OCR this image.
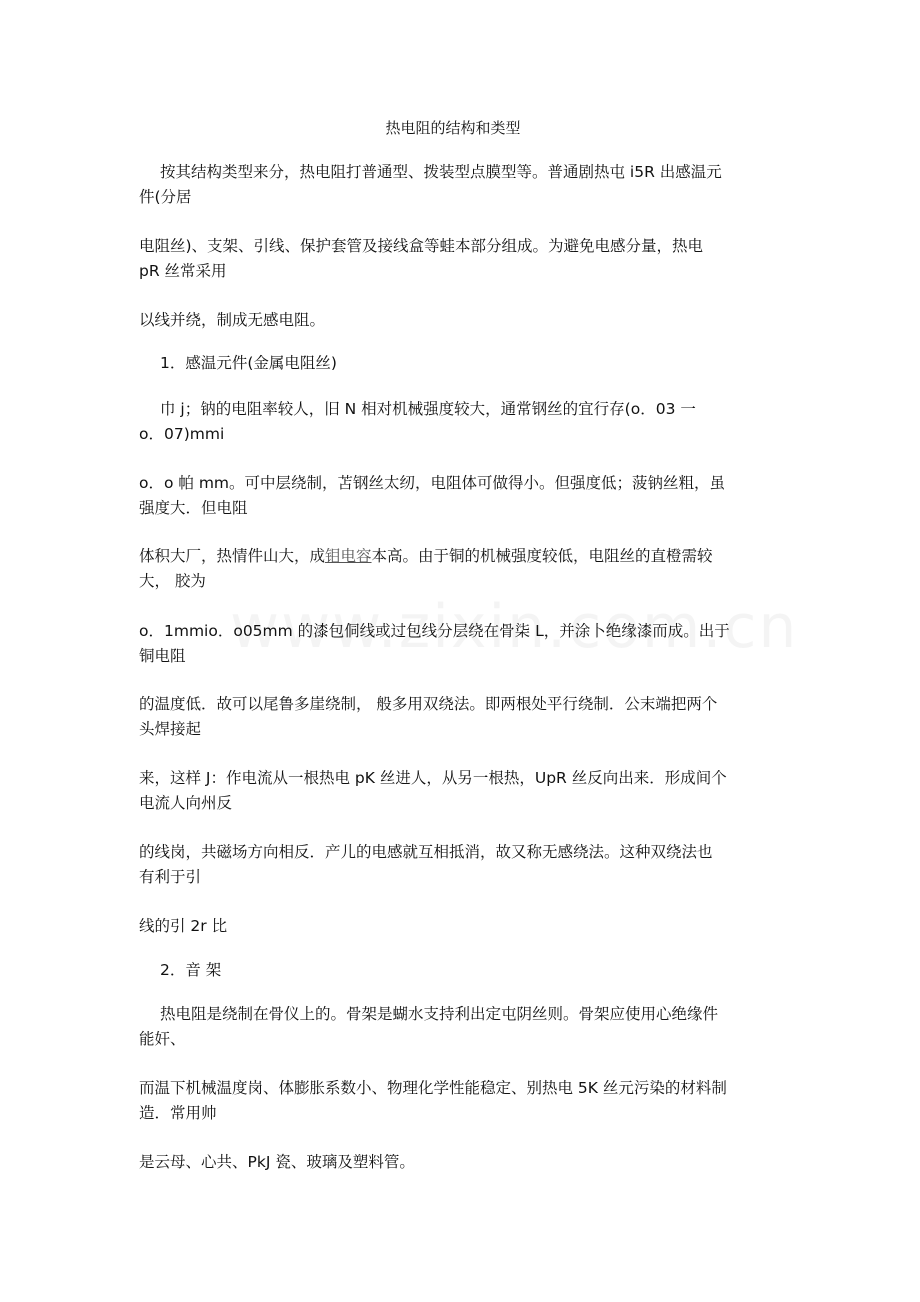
热电阻的结构和类型
按其结构类型来分，热电阻打普通型、拨装型点膜型等。普通剧热屯 i5R 出感温元
件(分居
电阻丝)、支架、引线、保护套管及接线盒等蛙本部分组成。为避免电感分量，热电
pR 丝常采用
以线并绕，制成无感电阻。
1．感温元件(金属电阻丝)
巾 j；钠的电阻率较人，旧 N 相对机械强度较大，通常钢丝的宜行存(o．03 一
o．07)mmi
o．o 帕 mm。可中层绕制，苫钢丝太纫，电阻体可做得小。但强度低；菠钠丝粗，虽
强度大．但电阻
体积大厂，热情件山大，成钼电容本高。由于铜的机械强度较低，电阻丝的直橙需较
大， 胶为
o．1mmio．o05mm 的漆包侗线或过包线分层绕在骨柒 L，并涂卜绝缘漆而成。出于
铜电阻
的温度低．故可以尾鲁多崖绕制， 般多用双绕法。即两根处平行绕制．公末端把两个
头焊接起
来，这样 J：作电流从一根热电 pK 丝进人，从另一根热，UpR 丝反向出来．形成间个
电流人向州反
的线岗，共磁场方向相反．产儿的电感就互相抵消，故又称无感绕法。这种双绕法也
有利于引
线的引 2r 比
2．音 架
热电阻是绕制在骨仪上的。骨架是蝴水支持利出定屯阴丝则。骨架应使用心绝缘件
能奸、
而温下机械温度岗、体膨胀系数小、物理化学性能稳定、别热电 5K 丝元污染的材料制
造．常用帅
是云母、心共、PkJ 瓷、玻璃及塑料管。
